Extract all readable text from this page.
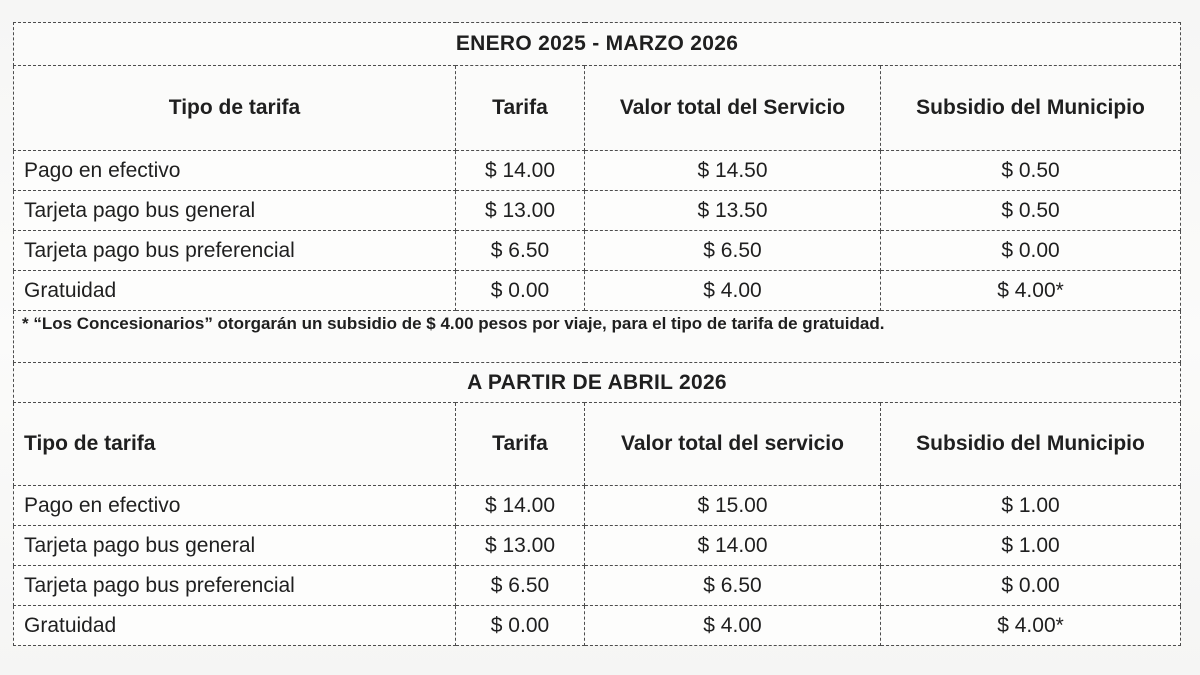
ENERO 2025 - MARZO 2026			
Tipo de tarifa	Tarifa	Valor total del Servicio	Subsidio del Municipio
Pago en efectivo	$ 14.00	$ 14.50	$ 0.50
Tarjeta pago bus general	$ 13.00	$ 13.50	$ 0.50
Tarjeta pago bus preferencial	$ 6.50	$ 6.50	$ 0.00
Gratuidad	$ 0.00	$ 4.00	$ 4.00*
* “Los Concesionarios” otorgarán un subsidio de $ 4.00 pesos por viaje, para el tipo de tarifa de gratuidad.			
A PARTIR DE ABRIL 2026			
Tipo de tarifa	Tarifa	Valor total del servicio	Subsidio del Municipio
Pago en efectivo	$ 14.00	$ 15.00	$ 1.00
Tarjeta pago bus general	$ 13.00	$ 14.00	$ 1.00
Tarjeta pago bus preferencial	$ 6.50	$ 6.50	$ 0.00
Gratuidad	$ 0.00	$ 4.00	$ 4.00*
